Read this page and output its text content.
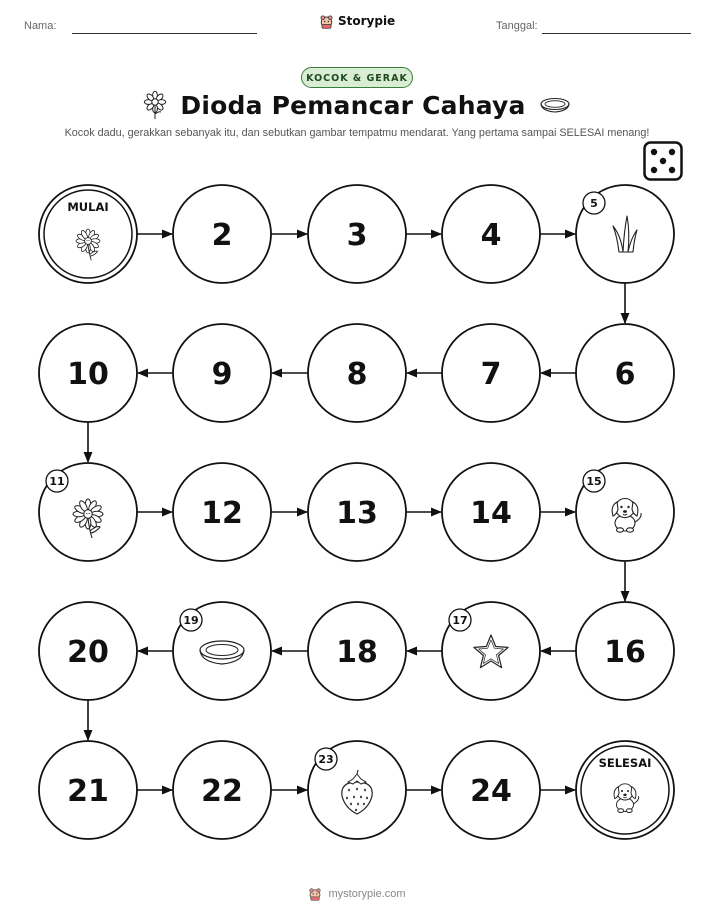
Nama:	Storypie	Tanggal:
KOCOK & GERAK
Dioda Pemancar Cahaya
Kocok dadu, gerakkan sebanyak itu, dan sebutkan gambar tempatmu mendarat. Yang pertama sampai SELESAI menang!
MULAI
2	3	4
5
6
7
8
9
10
11
12	13	14
15
16
17
18
19
20
21	22
23
24
SELESAI
mystorypie.com
